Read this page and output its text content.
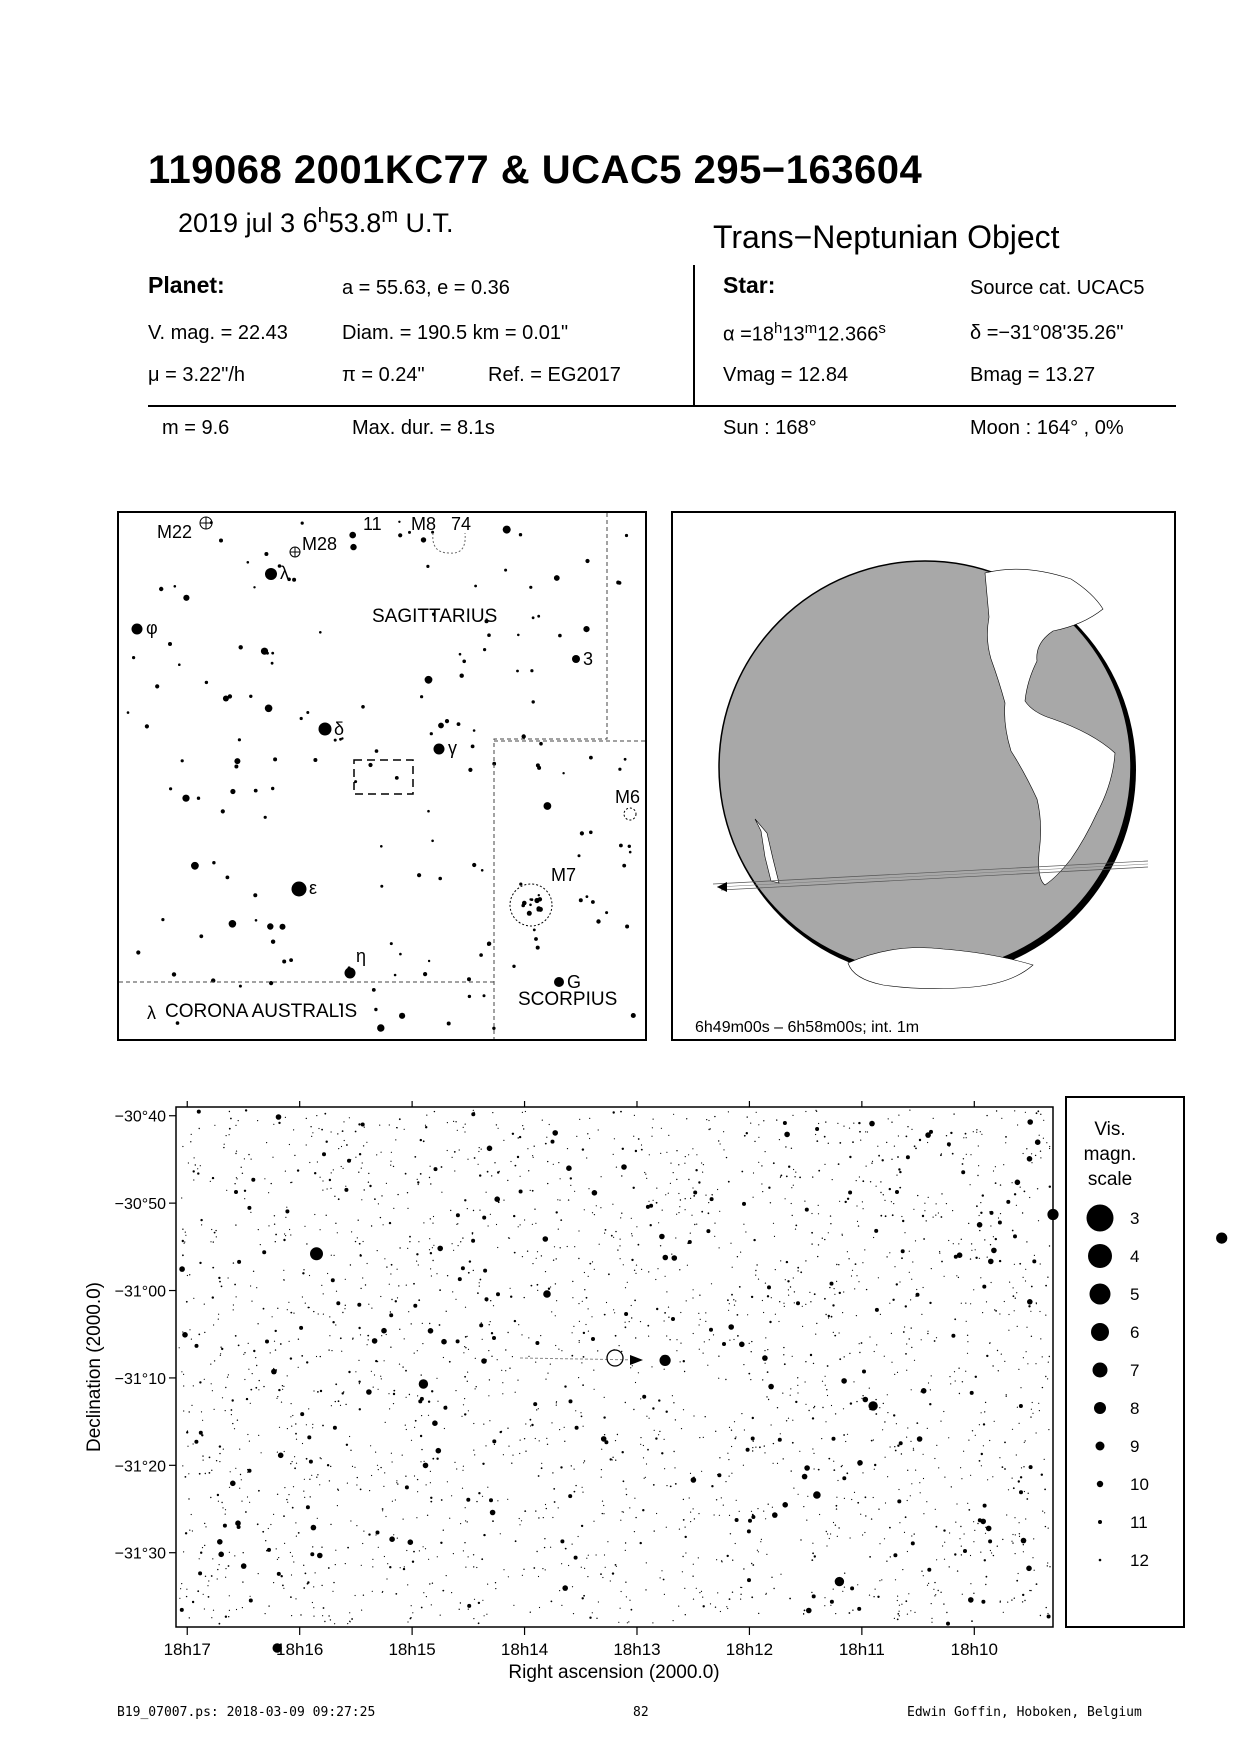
119068 2001KC77 & UCAC5 295−163604
2019 jul 3 6$^h$53.8$^m$ U.T.	Trans−Neptunian Object
Planet:	a = 55.63, e = 0.36
V. mag. = 22.43	Diam. = 190.5 km = 0.01"
μ = 3.22"/h	π = 0.24"	Ref. = EG2017
Star:	Source cat. UCAC5
$\alpha =18^h13^m12.366^s$	δ =−31°08'35.26"
Vmag = 12.84	Bmag = 13.27
m = 9.6	Max. dur. = 8.1s	Sun : 168°	Moon : 164° , 0%
M22
M28
11 M8 74
λ
φ
SAGITTARIUS
3
δ
γ
M6
M7
ε
η
G
SCORPIUS
λ CORONA AUSTRALIS
6h49m00s – 6h58m00s; int. 1m
18h17	18h16	18h15	18h14	18h13	18h12	18h11	18h10
−30°40
−30°50
−31°00
−31°10
−31°20
−31°30
Right ascension (2000.0)
Declination (2000.0)
Vis.
magn.
scale
3
4
5
6
7
8
9
10
11
12
B19_07007.ps: 2018-03-09 09:27:25	82	Edwin Goffin, Hoboken, Belgium
